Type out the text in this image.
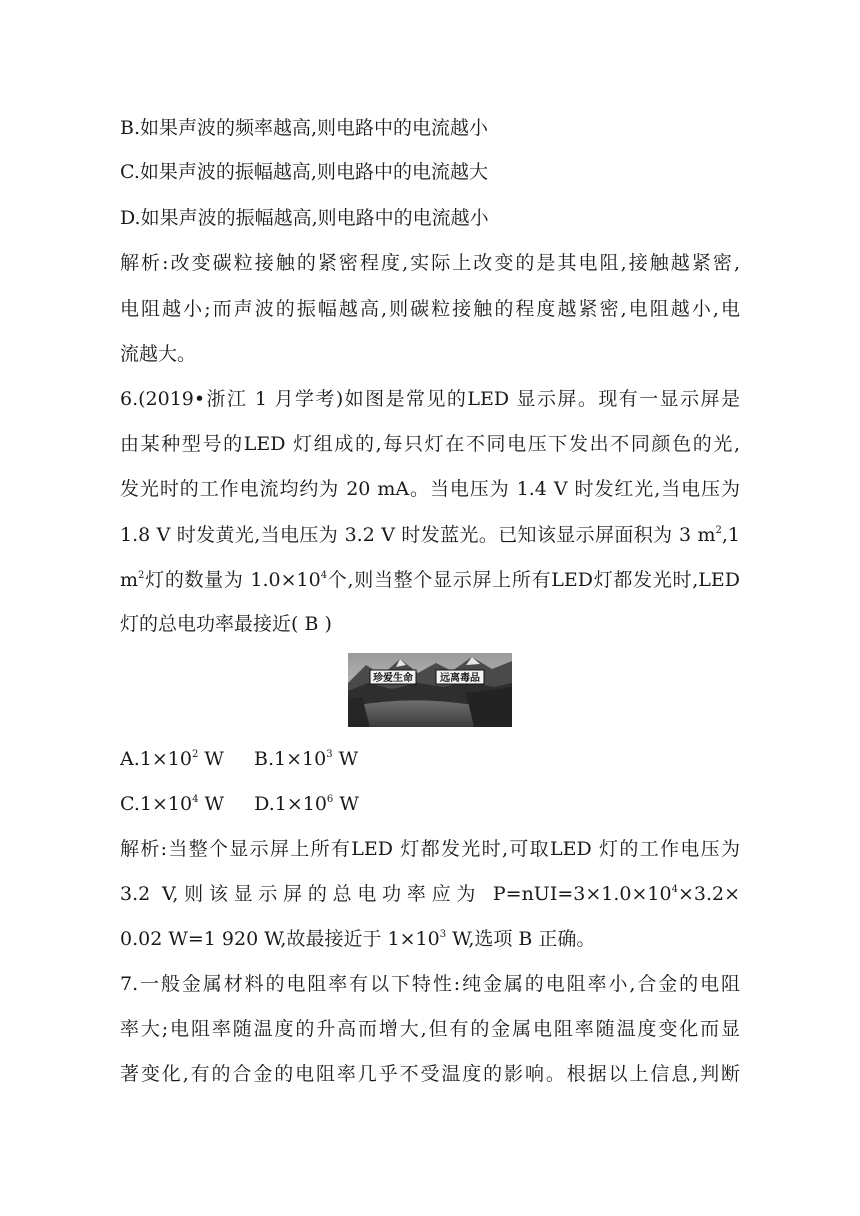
B.如果声波的频率越高,则电路中的电流越小
C.如果声波的振幅越高,则电路中的电流越大
D.如果声波的振幅越高,则电路中的电流越小
解析:改变碳粒接触的紧密程度,实际上改变的是其电阻,接触越紧密,
电阻越小;而声波的振幅越高,则碳粒接触的程度越紧密,电阻越小,电
流越大。
6.(2019•浙江 1 月学考)如图是常见的LED 显示屏。现有一显示屏是
由某种型号的LED 灯组成的,每只灯在不同电压下发出不同颜色的光,
发光时的工作电流均约为 20 mA。当电压为 1.4 V 时发红光,当电压为
1.8 V 时发黄光,当电压为 3.2 V 时发蓝光。已知该显示屏面积为 3 $m^2,1$
$m^2$灯的数量为 $1.0\times 10^4$个,则当整个显示屏上所有LED灯都发光时,LED
灯的总电功率最接近( B )
珍爱生命	远离毒品
$A.1\times 10^2$ W $B.1\times 10^3$ W
$C.1\times 10^4$ W $D.1\times 10^6$ W
解析:当整个显示屏上所有LED 灯都发光时,可取LED 灯的工作电压为
3.2 V,则该显示屏的总电功率应为 $P=nUI=3\times 1.0\times 10^4\times 3.2\times$
0.02 W=1 920 W,故最接近于 $1\times 10^3$ W,选项 B 正确。
7.一般金属材料的电阻率有以下特性:纯金属的电阻率小,合金的电阻
率大;电阻率随温度的升高而增大,但有的金属电阻率随温度变化而显
著变化,有的合金的电阻率几乎不受温度的影响。根据以上信息,判断
